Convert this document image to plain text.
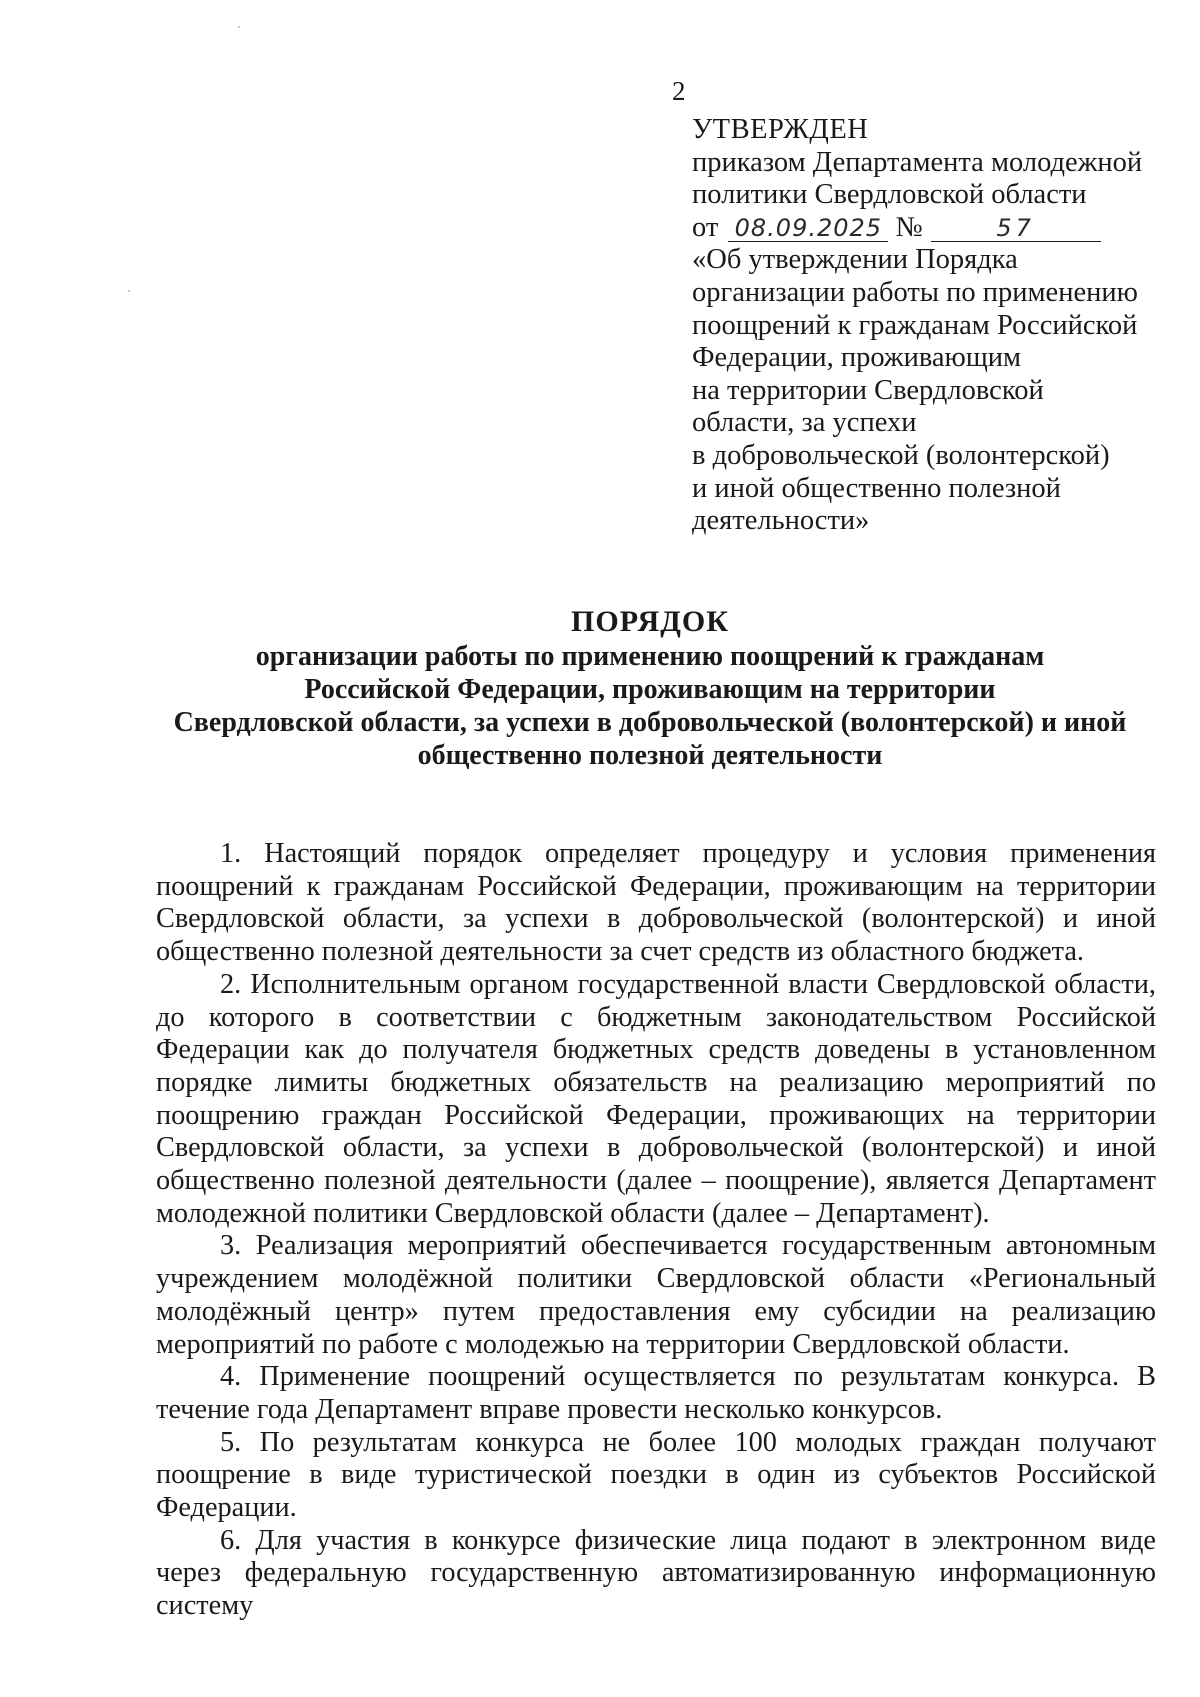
2
УТВЕРЖДЕН
приказом Департамента молодежной
политики Свердловской области
от 08.09.2025 №	57
«Об утверждении Порядка
организации работы по применению
поощрений к гражданам Российской
Федерации, проживающим
на территории Свердловской
области, за успехи
в добровольческой (волонтерской)
и иной общественно полезной
деятельности»
ПОРЯДОК
организации работы по применению поощрений к гражданам
Российской Федерации, проживающим на территории
Свердловской области, за успехи в добровольческой (волонтерской) и иной
общественно полезной деятельности

1. Настоящий порядок определяет процедуру и условия применения поощрений к гражданам Российской Федерации, проживающим на территории Свердловской области, за успехи в добровольческой (волонтерской) и иной общественно полезной деятельности за счет средств из областного бюджета.

2. Исполнительным органом государственной власти Свердловской области, до которого в соответствии с бюджетным законодательством Российской Федерации как до получателя бюджетных средств доведены в установленном порядке лимиты бюджетных обязательств на реализацию мероприятий по поощрению граждан Российской Федерации, проживающих на территории Свердловской области, за успехи в добровольческой (волонтерской) и иной общественно полезной деятельности (далее – поощрение), является Департамент молодежной политики Свердловской области (далее – Департамент).

3. Реализация мероприятий обеспечивается государственным автономным учреждением молодёжной политики Свердловской области «Региональный молодёжный центр» путем предоставления ему субсидии на реализацию мероприятий по работе с молодежью на территории Свердловской области.

4. Применение поощрений осуществляется по результатам конкурса. В течение года Департамент вправе провести несколько конкурсов.

5. По результатам конкурса не более 100 молодых граждан получают поощрение в виде туристической поездки в один из субъектов Российской Федерации.

6. Для участия в конкурсе физические лица подают в электронном виде через федеральную государственную автоматизированную информационную систему
